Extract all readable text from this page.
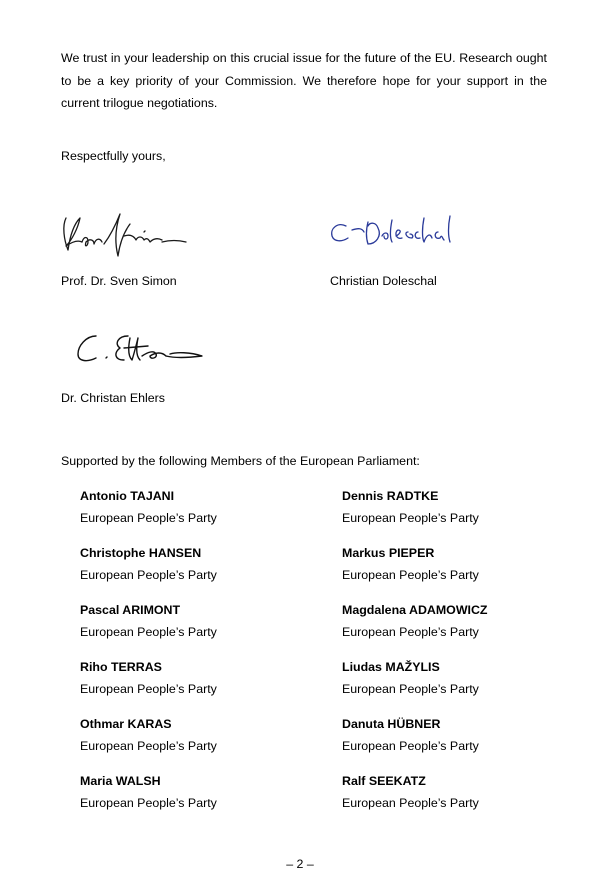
We trust in your leadership on this crucial issue for the future of the EU. Research ought to be a key priority of your Commission. We therefore hope for your support in the current trilogue negotiations.

Respectfully yours,

Prof. Dr. Sven Simon	Christian Doleschal

Dr. Christan Ehlers

Supported by the following Members of the European Parliament:

Antonio TAJANI
European People’s Party
Christophe HANSEN
European People’s Party
Pascal ARIMONT
European People’s Party
Riho TERRAS
European People’s Party
Othmar KARAS
European People’s Party
Maria WALSH
European People’s Party
Dennis RADTKE
European People’s Party
Markus PIEPER
European People’s Party
Magdalena ADAMOWICZ
European People’s Party
Liudas MAŽYLIS
European People’s Party
Danuta HÜBNER
European People’s Party
Ralf SEEKATZ
European People’s Party

– 2 –
